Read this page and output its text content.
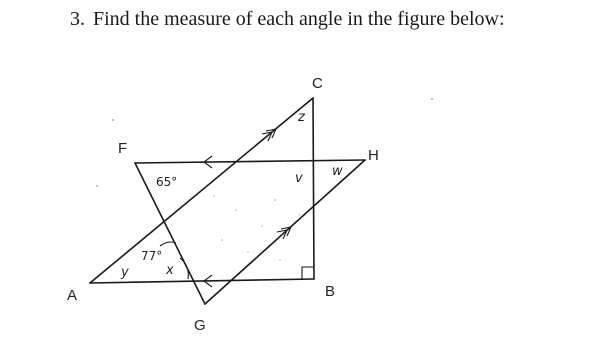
3. Find the measure of each angle in the figure below:
C
F	H
A	B
G
65°
77°
x
y
z
v w
